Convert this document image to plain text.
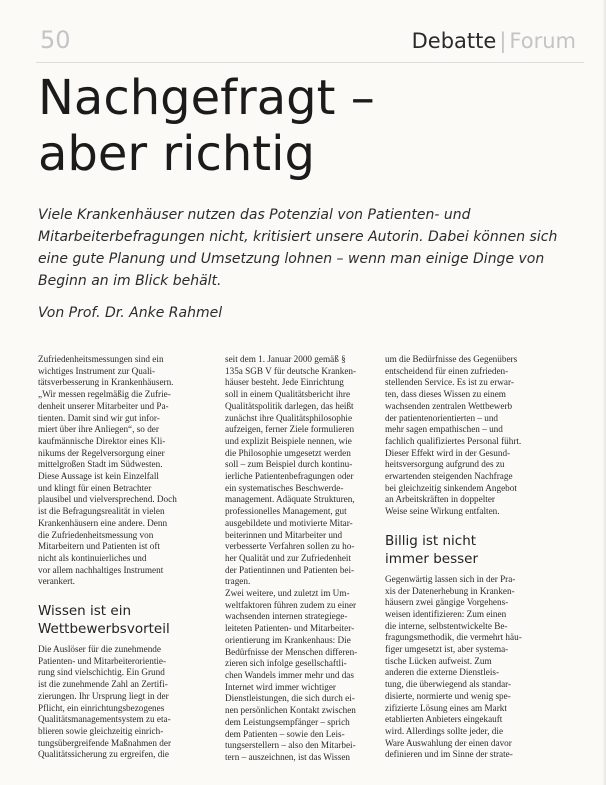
50	Debatte | Forum
Nachgefragt –
aber richtig
Viele Krankenhäuser nutzen das Potenzial von Patienten- und
Mitarbeiterbefragungen nicht, kritisiert unsere Autorin. Dabei können sich
eine gute Planung und Umsetzung lohnen – wenn man einige Dinge von
Beginn an im Blick behält.
Von Prof. Dr. Anke Rahmel
Zufriedenheitsmessungen sind ein
wichtiges Instrument zur Quali-
tätsverbesserung in Krankenhäusern.
„Wir messen regelmäßig die Zufrie-
denheit unserer Mitarbeiter und Pa-
tienten. Damit sind wir gut infor-
miert über ihre Anliegen“, so der
kaufmännische Direktor eines Kli-
nikums der Regelversorgung einer
mittelgroßen Stadt im Südwesten.
Diese Aussage ist kein Einzelfall
und klingt für einen Betrachter
plausibel und vielversprechend. Doch
ist die Befragungsrealität in vielen
Krankenhäusern eine andere. Denn
die Zufriedenheitsmessung von
Mitarbeitern und Patienten ist oft
nicht als kontinuierliches und
vor allem nachhaltiges Instrument
verankert.
Wissen ist ein
Wettbewerbsvorteil
Die Auslöser für die zunehmende
Patienten- und Mitarbeiterorientie-
rung sind vielschichtig. Ein Grund
ist die zunehmende Zahl an Zertifi-
zierungen. Ihr Ursprung liegt in der
Pflicht, ein einrichtungsbezogenes
Qualitätsmanagementsystem zu eta-
blieren sowie gleichzeitig einrich-
tungsübergreifende Maßnahmen der
Qualitätssicherung zu ergreifen, die
seit dem 1. Januar 2000 gemäß §
135a SGB V für deutsche Kranken-
häuser besteht. Jede Einrichtung
soll in einem Qualitätsbericht ihre
Qualitätspolitik darlegen, das heißt
zunächst ihre Qualitätsphilosophie
aufzeigen, ferner Ziele formulieren
und explizit Beispiele nennen, wie
die Philosophie umgesetzt werden
soll – zum Beispiel durch kontinu-
ierliche Patientenbefragungen oder
ein systematisches Beschwerde-
management. Adäquate Strukturen,
professionelles Management, gut
ausgebildete und motivierte Mitar-
beiterinnen und Mitarbeiter und
verbesserte Verfahren sollen zu ho-
her Qualität und zur Zufriedenheit
der Patientinnen und Patienten bei-
tragen.
Zwei weitere, und zuletzt im Um-
weltfaktoren führen zudem zu einer
wachsenden internen strategiege-
leiteten Patienten- und Mitarbeiter-
orientierung im Krankenhaus: Die
Bedürfnisse der Menschen differen-
zieren sich infolge gesellschaftli-
chen Wandels immer mehr und das
Internet wird immer wichtiger
Dienstleistungen, die sich durch ei-
nen persönlichen Kontakt zwischen
dem Leistungsempfänger – sprich
dem Patienten – sowie den Leis-
tungserstellern – also den Mitarbei-
tern – auszeichnen, ist das Wissen
um die Bedürfnisse des Gegenübers
entscheidend für einen zufrieden-
stellenden Service. Es ist zu erwar-
ten, dass dieses Wissen zu einem
wachsenden zentralen Wettbewerb
der patientenorientierten – und
mehr sagen empathischen – und
fachlich qualifiziertes Personal führt.
Dieser Effekt wird in der Gesund-
heitsversorgung aufgrund des zu
erwartenden steigenden Nachfrage
bei gleichzeitig sinkendem Angebot
an Arbeitskräften in doppelter
Weise seine Wirkung entfalten.
Billig ist nicht
immer besser
Gegenwärtig lassen sich in der Pra-
xis der Datenerhebung in Kranken-
häusern zwei gängige Vorgehens-
weisen identifizieren: Zum einen
die interne, selbstentwickelte Be-
fragungsmethodik, die vermehrt häu-
figer umgesetzt ist, aber systema-
tische Lücken aufweist. Zum
anderen die externe Dienstleis-
tung, die überwiegend als standar-
disierte, normierte und wenig spe-
zifizierte Lösung eines am Markt
etablierten Anbieters eingekauft
wird. Allerdings sollte jeder, die
Ware Auswahlung der einen davor
definieren und im Sinne der strate-
